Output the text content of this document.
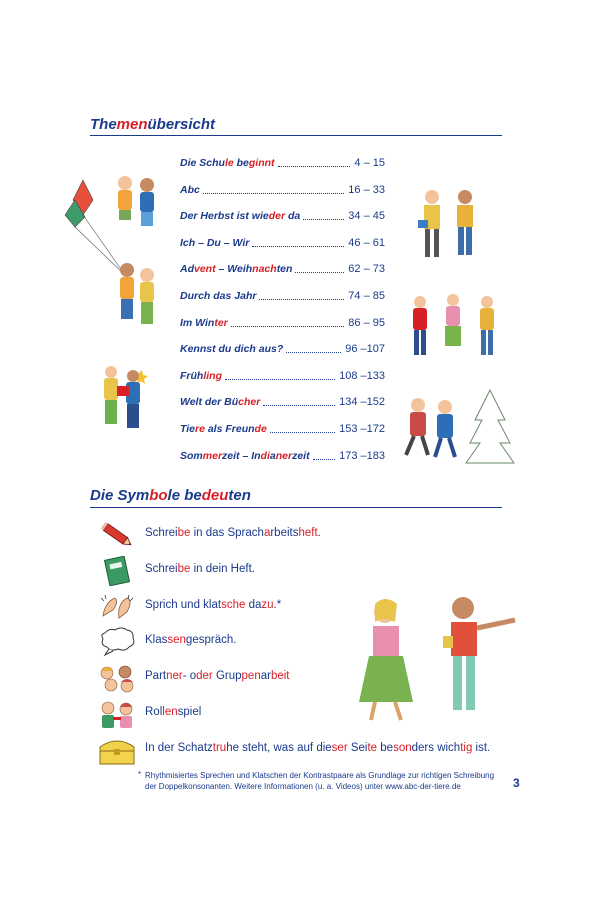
Themenübersicht
Die Schule beginnt	4 – 15
Abc	16 – 33
Der Herbst ist wieder da	34 – 45
Ich – Du – Wir	46 – 61
Advent – Weihnachten	62 – 73
Durch das Jahr	74 – 85
Im Winter	86 – 95
Kennst du dich aus?	96 –107
Frühling	108 –133
Welt der Bücher	134 –152
Tiere als Freunde	153 –172
Sommerzeit – Indianerzeit	173 –183
Die Symbole bedeuten
Schreibe in das Spracharbeitsheft.
Schreibe in dein Heft.
Sprich und klatsche dazu.*
Klassengespräch.
Partner- oder Gruppenarbeit
Rollenspiel
In der Schatztruhe steht, was auf dieser Seite besonders wichtig ist.
* Rhythmisiertes Sprechen und Klatschen der Kontrastpaare als Grundlage zur richtigen Schreibung
der Doppelkonsonanten. Weitere Informationen (u. a. Videos) unter www.abc-der-tiere.de	3
